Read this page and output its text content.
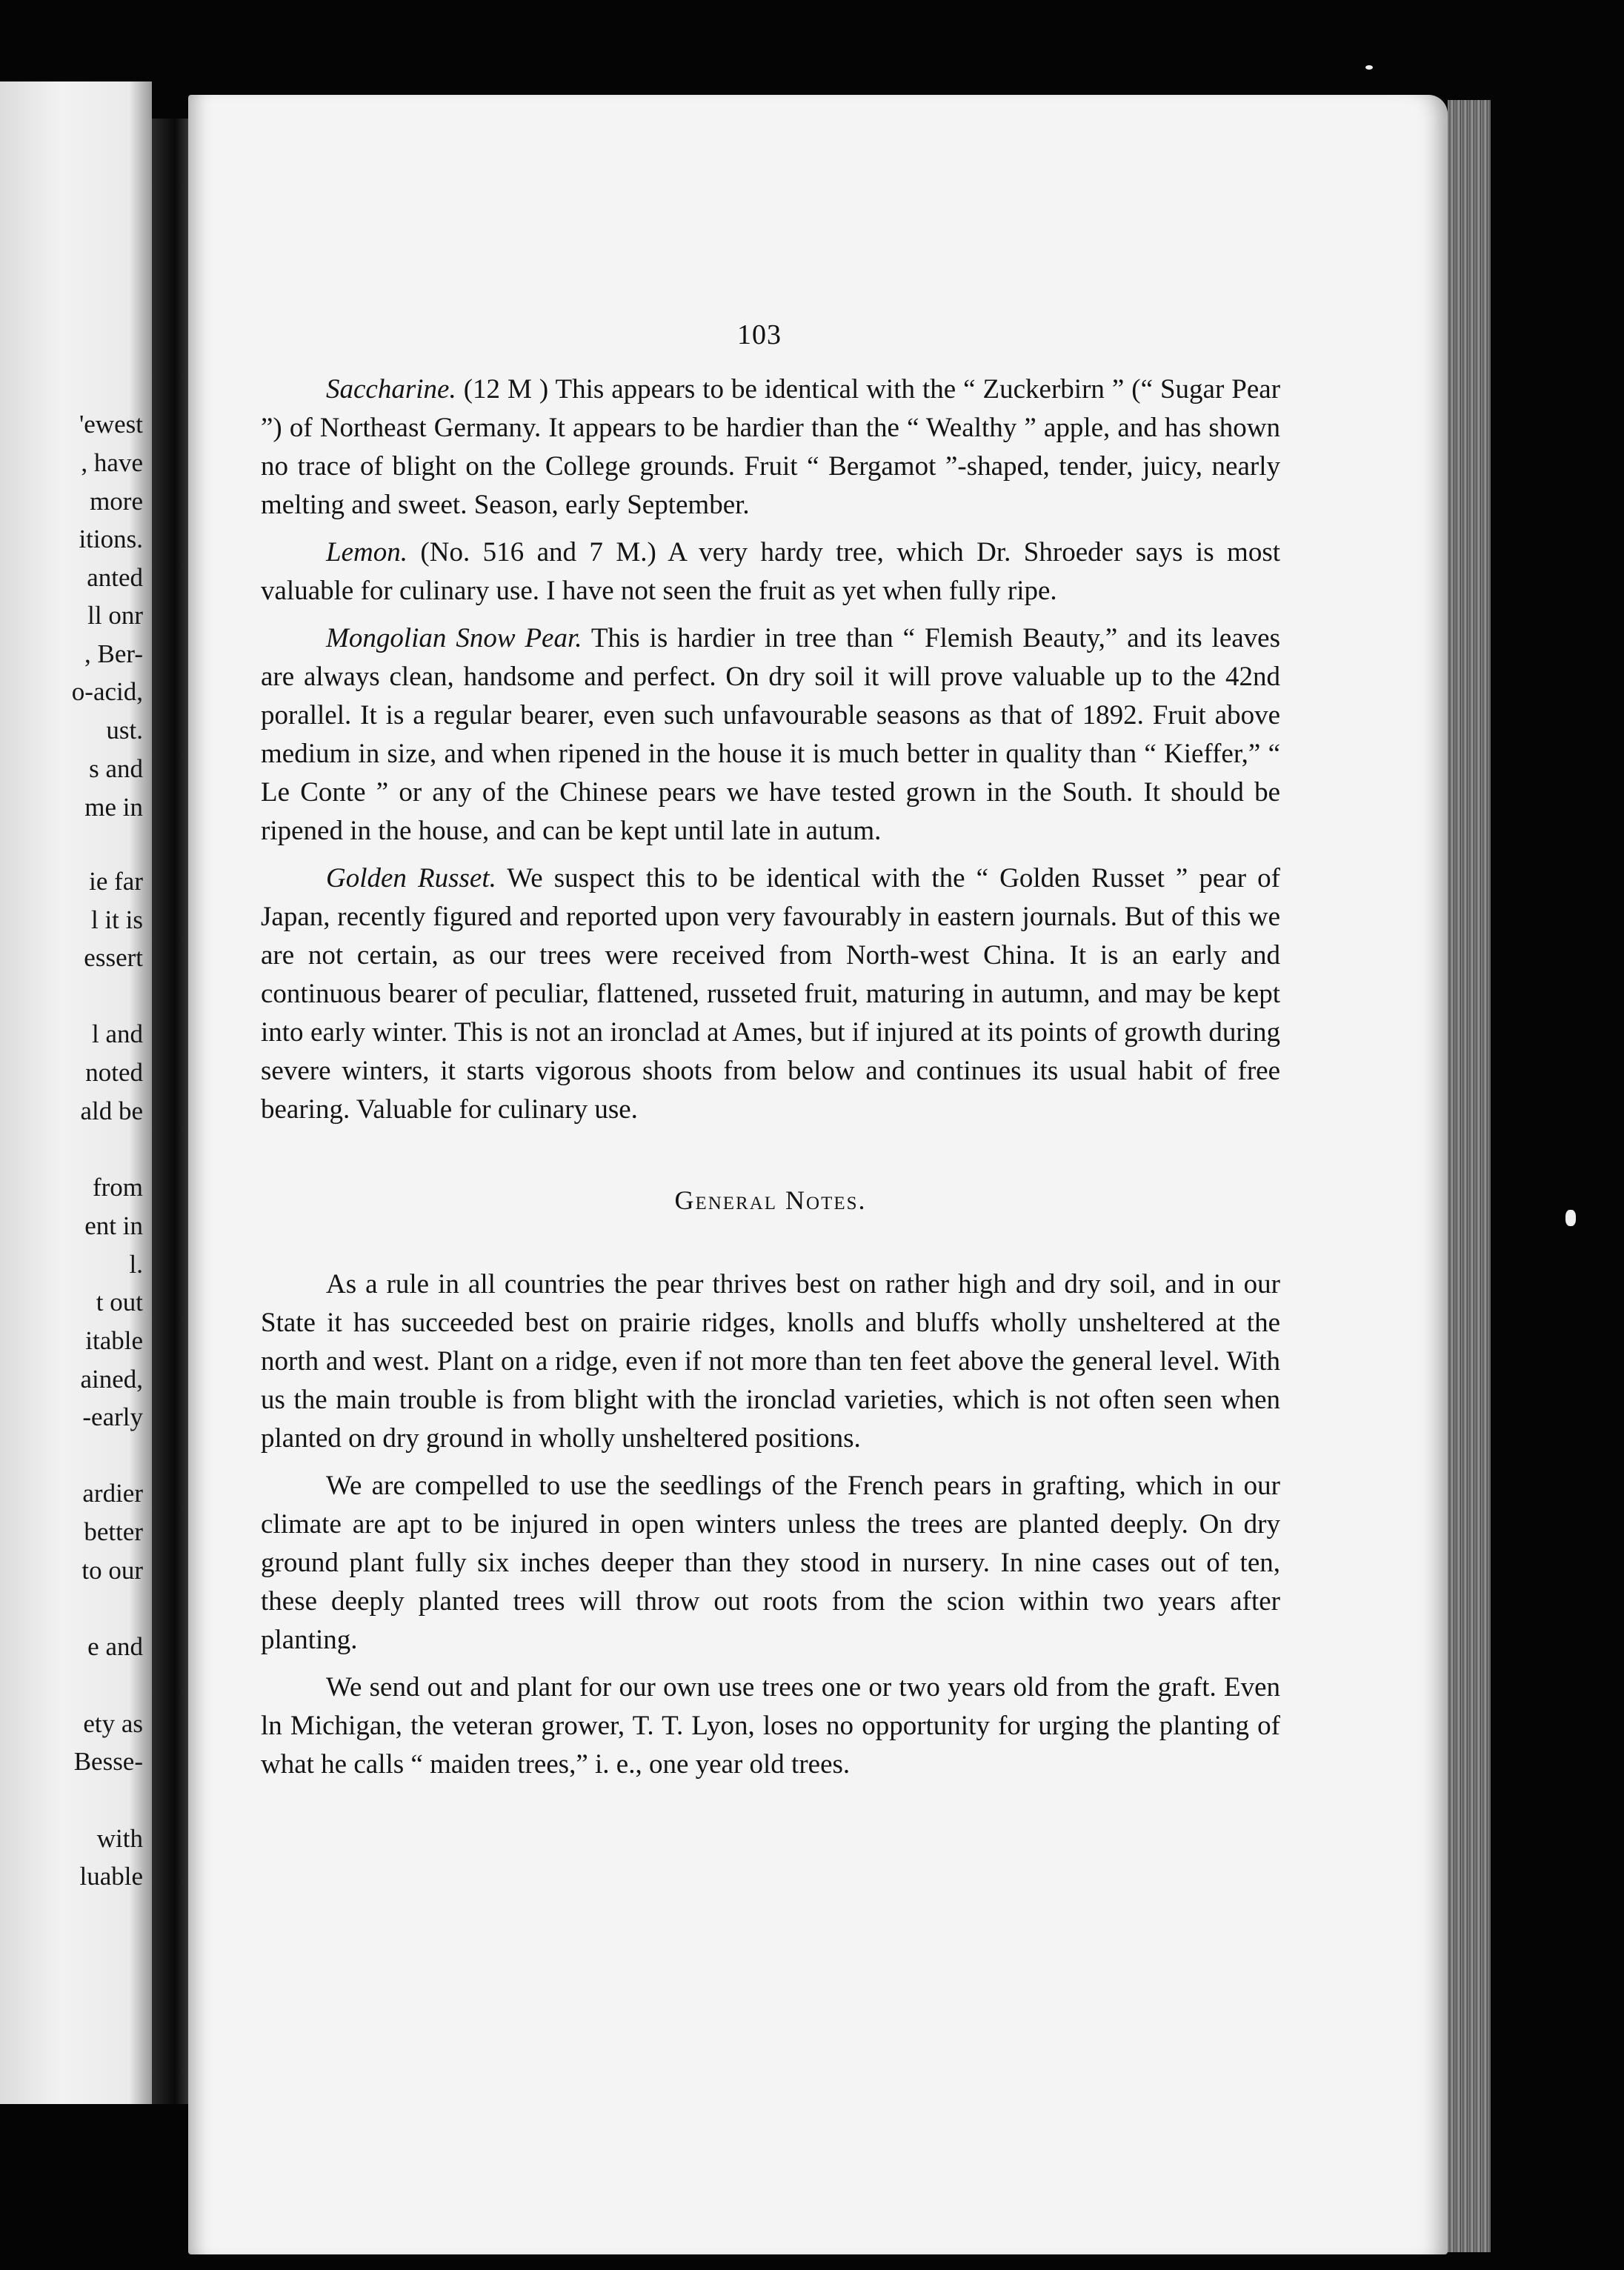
'ewest
, have
more
itions.
anted
ll onr
, Ber-
o-acid,
ust.
s and
me in
ie far
l it is
essert
l and
noted
ald be
from
ent in
l.
t out
itable
ained,
-early
ardier
better
to our
e and
ety as
Besse-
with
luable
103

Saccharine. (12 M ) This appears to be identical with the “ Zuckerbirn ” (“ Sugar Pear ”) of Northeast Germany. It appears to be hardier than the “ Wealthy ” apple, and has shown no trace of blight on the College grounds. Fruit “ Bergamot ”-shaped, tender, juicy, nearly melting and sweet. Season, early September.

Lemon. (No. 516 and 7 M.) A very hardy tree, which Dr. Shroeder says is most valuable for culinary use. I have not seen the fruit as yet when fully ripe.

Mongolian Snow Pear. This is hardier in tree than “ Flemish Beauty,” and its leaves are always clean, handsome and perfect. On dry soil it will prove valuable up to the 42nd porallel. It is a regular bearer, even such unfavourable seasons as that of 1892. Fruit above medium in size, and when ripened in the house it is much better in quality than “ Kieffer,” “ Le Conte ” or any of the Chinese pears we have tested grown in the South. It should be ripened in the house, and can be kept until late in autum.

Golden Russet. We suspect this to be identical with the “ Golden Russet ” pear of Japan, recently figured and reported upon very favourably in eastern journals. But of this we are not certain, as our trees were received from North-west China. It is an early and continuous bearer of peculiar, flattened, russeted fruit, maturing in autumn, and may be kept into early winter. This is not an ironclad at Ames, but if injured at its points of growth during severe winters, it starts vigorous shoots from below and continues its usual habit of free bearing. Valuable for culinary use.

General Notes.

As a rule in all countries the pear thrives best on rather high and dry soil, and in our State it has succeeded best on prairie ridges, knolls and bluffs wholly unsheltered at the north and west. Plant on a ridge, even if not more than ten feet above the general level. With us the main trouble is from blight with the ironclad varieties, which is not often seen when planted on dry ground in wholly unsheltered positions.

We are compelled to use the seedlings of the French pears in grafting, which in our climate are apt to be injured in open winters unless the trees are planted deeply. On dry ground plant fully six inches deeper than they stood in nursery. In nine cases out of ten, these deeply planted trees will throw out roots from the scion within two years after planting.

We send out and plant for our own use trees one or two years old from the graft. Even ln Michigan, the veteran grower, T. T. Lyon, loses no opportunity for urging the planting of what he calls “ maiden trees,” i. e., one year old trees.
